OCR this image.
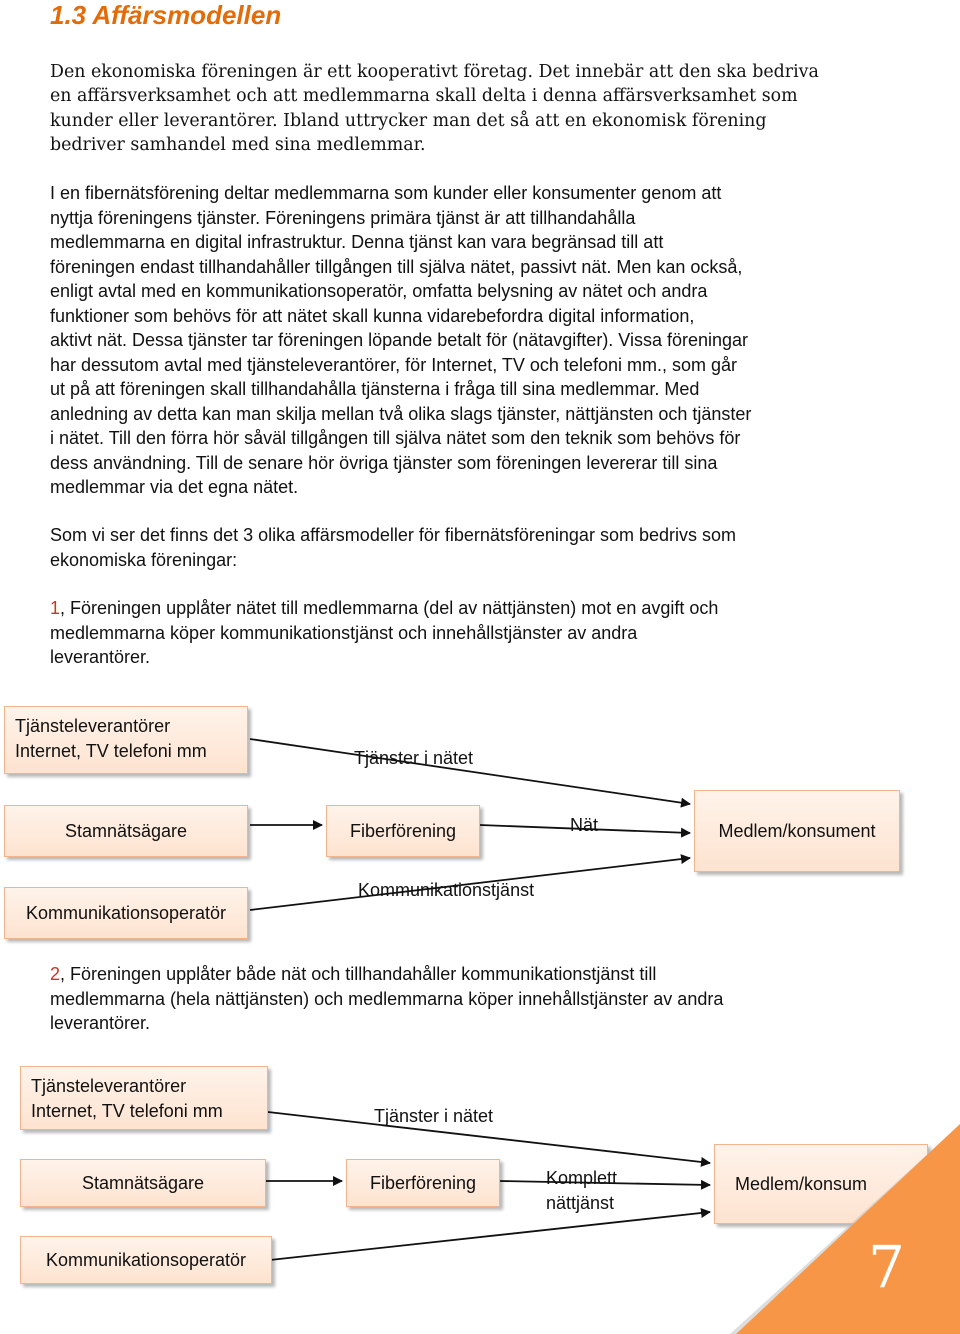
1.3 Affärsmodellen
Den ekonomiska föreningen är ett kooperativt företag. Det innebär att den ska bedriva
en affärsverksamhet och att medlemmarna skall delta i denna affärsverksamhet som
kunder eller leverantörer. Ibland uttrycker man det så att en ekonomisk förening
bedriver samhandel med sina medlemmar.
I en fibernätsförening deltar medlemmarna som kunder eller konsumenter genom att
nyttja föreningens tjänster. Föreningens primära tjänst är att tillhandahålla
medlemmarna en digital infrastruktur. Denna tjänst kan vara begränsad till att
föreningen endast tillhandahåller tillgången till själva nätet, passivt nät. Men kan också,
enligt avtal med en kommunikationsoperatör, omfatta belysning av nätet och andra
funktioner som behövs för att nätet skall kunna vidarebefordra digital information,
aktivt nät. Dessa tjänster tar föreningen löpande betalt för (nätavgifter). Vissa föreningar
har dessutom avtal med tjänsteleverantörer, för Internet, TV och telefoni mm., som går
ut på att föreningen skall tillhandahålla tjänsterna i fråga till sina medlemmar. Med
anledning av detta kan man skilja mellan två olika slags tjänster, nättjänsten och tjänster
i nätet. Till den förra hör såväl tillgången till själva nätet som den teknik som behövs för
dess användning. Till de senare hör övriga tjänster som föreningen levererar till sina
medlemmar via det egna nätet.
Som vi ser det finns det 3 olika affärsmodeller för fibernätsföreningar som bedrivs som
ekonomiska föreningar:
1, Föreningen upplåter nätet till medlemmarna (del av nättjänsten) mot en avgift och
medlemmarna köper kommunikationstjänst och innehållstjänster av andra
leverantörer.
Tjänsteleverantörer
Internet, TV telefoni mm
Stamnätsägare	Fiberförening	Medlem/konsument
Kommunikationsoperatör
Tjänster i nätet
Nät
Kommunikationstjänst
2, Föreningen upplåter både nät och tillhandahåller kommunikationstjänst till
medlemmarna (hela nättjänsten) och medlemmarna köper innehållstjänster av andra
leverantörer.
Tjänsteleverantörer
Internet, TV telefoni mm
Stamnätsägare	Fiberförening	Medlem/konsum
Kommunikationsoperatör
Tjänster i nätet
Komplett
nättjänst
7
